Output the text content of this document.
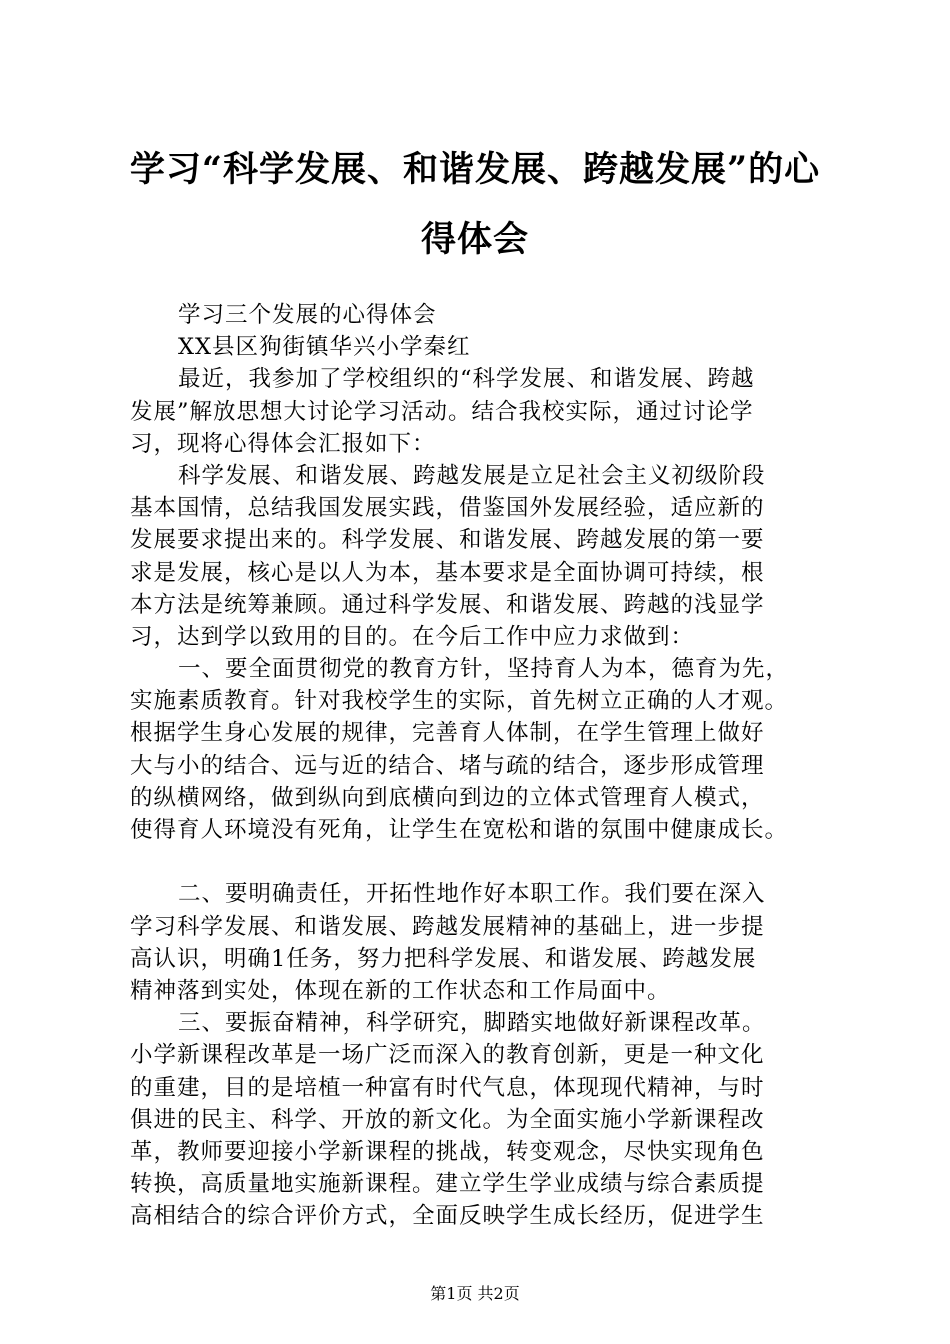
学习“科学发展、和谐发展、跨越发展”的心
得体会
学习三个发展的心得体会
XX县区狗街镇华兴小学秦红
最近，我参加了学校组织的“科学发展、和谐发展、跨越
发展”解放思想大讨论学习活动。结合我校实际，通过讨论学
习，现将心得体会汇报如下：
科学发展、和谐发展、跨越发展是立足社会主义初级阶段
基本国情，总结我国发展实践，借鉴国外发展经验，适应新的
发展要求提出来的。科学发展、和谐发展、跨越发展的第一要
求是发展，核心是以人为本，基本要求是全面协调可持续，根
本方法是统筹兼顾。通过科学发展、和谐发展、跨越的浅显学
习，达到学以致用的目的。在今后工作中应力求做到：
一、要全面贯彻党的教育方针，坚持育人为本，德育为先，
实施素质教育。针对我校学生的实际，首先树立正确的人才观。
根据学生身心发展的规律，完善育人体制，在学生管理上做好
大与小的结合、远与近的结合、堵与疏的结合，逐步形成管理
的纵横网络，做到纵向到底横向到边的立体式管理育人模式，
使得育人环境没有死角，让学生在宽松和谐的氛围中健康成长。
二、要明确责任，开拓性地作好本职工作。我们要在深入
学习科学发展、和谐发展、跨越发展精神的基础上，进一步提
高认识，明确1任务，努力把科学发展、和谐发展、跨越发展
精神落到实处，体现在新的工作状态和工作局面中。
三、要振奋精神，科学研究，脚踏实地做好新课程改革。
小学新课程改革是一场广泛而深入的教育创新，更是一种文化
的重建，目的是培植一种富有时代气息，体现现代精神，与时
俱进的民主、科学、开放的新文化。为全面实施小学新课程改
革，教师要迎接小学新课程的挑战，转变观念，尽快实现角色
转换，高质量地实施新课程。建立学生学业成绩与综合素质提
高相结合的综合评价方式，全面反映学生成长经历，促进学生
第1页 共2页
